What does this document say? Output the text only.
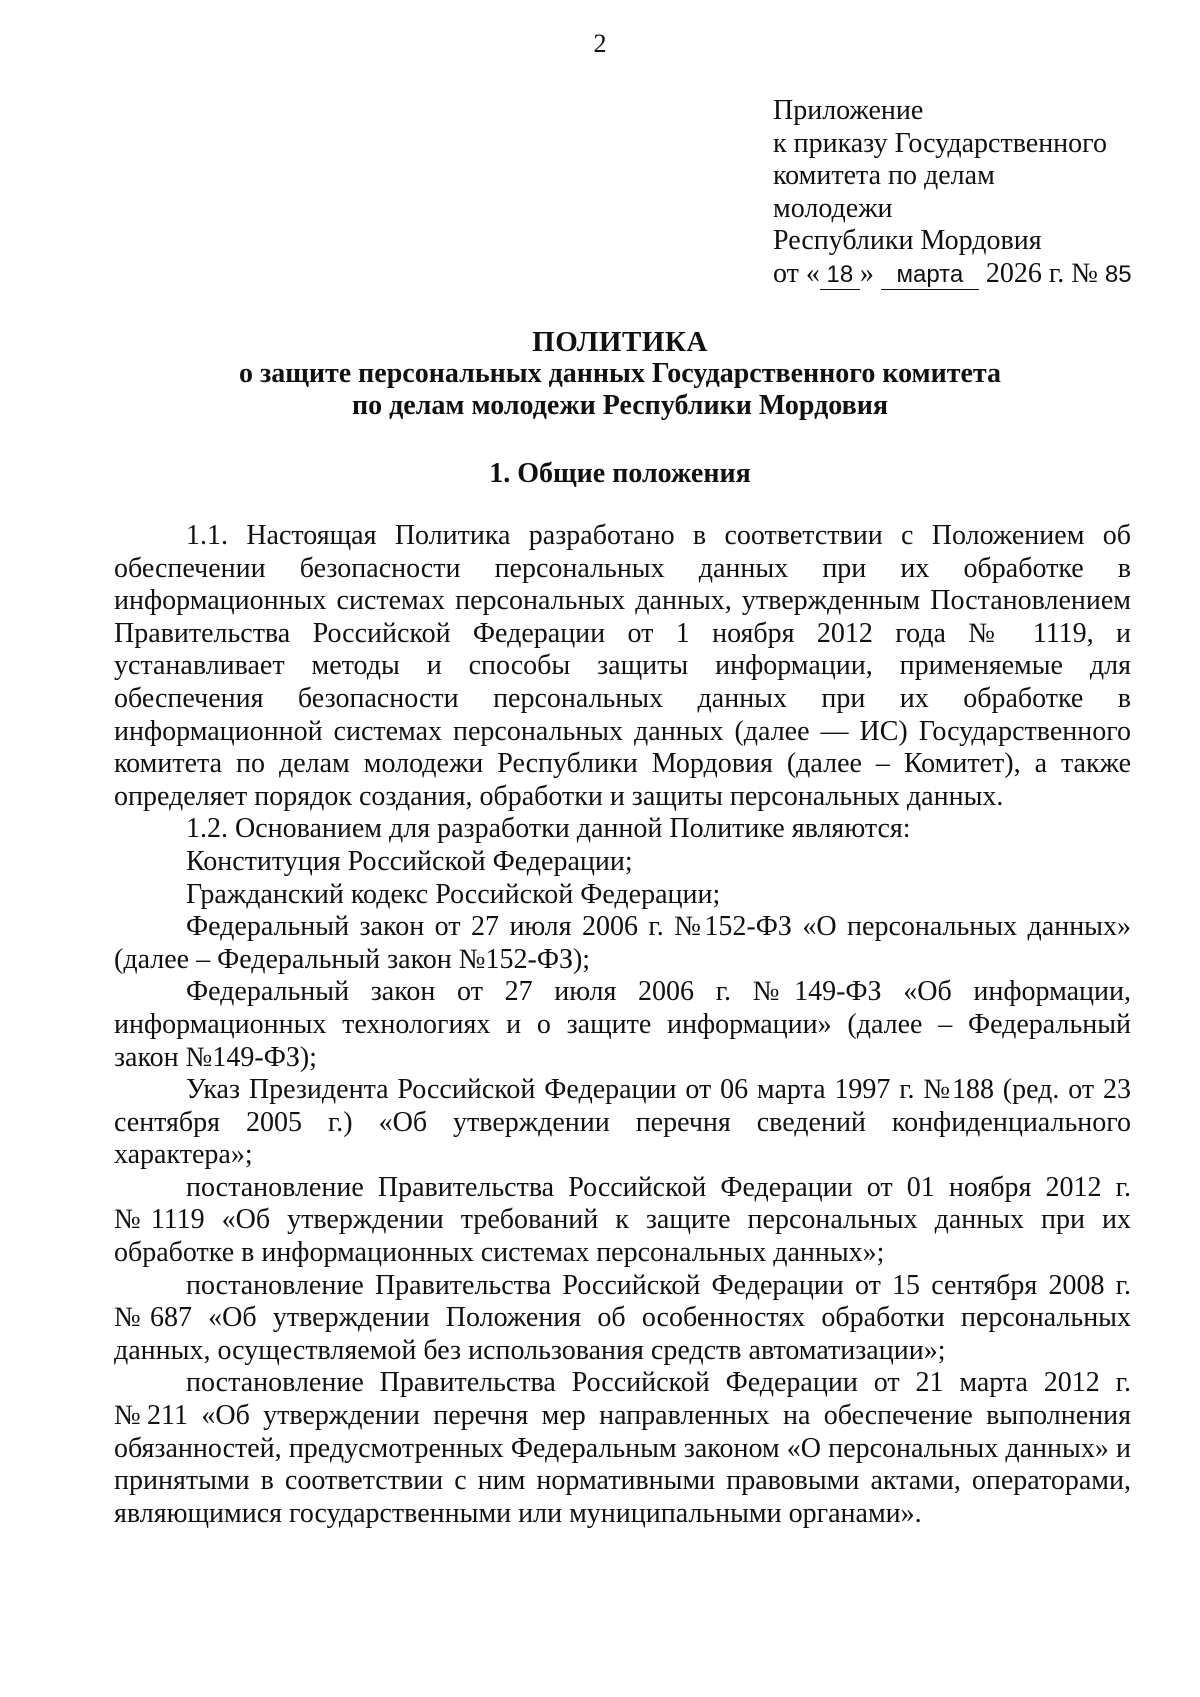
2
Приложение
к приказу Государственного
комитета по делам
молодежи
Республики Мордовия
от « 18 » марта 2026 г. № 85
ПОЛИТИКА
о защите персональных данных Государственного комитета
по делам молодежи Республики Мордовия
1. Общие положения

1.1. Настоящая Политика разработано в соответствии с Положением об обеспечении безопасности персональных данных при их обработке в информационных системах персональных данных, утвержденным Постановлением Правительства Российской Федерации от 1 ноября 2012 года № 1119, и устанавливает методы и способы защиты информации, применяемые для обеспечения безопасности персональных данных при их обработке в информационной системах персональных данных (далее — ИС) Государственного комитета по делам молодежи Республики Мордовия (далее – Комитет), а также определяет порядок создания, обработки и защиты персональных данных.

1.2. Основанием для разработки данной Политике являются:

Конституция Российской Федерации;

Гражданский кодекс Российской Федерации;

Федеральный закон от 27 июля 2006 г. №152-ФЗ «О персональных данных» (далее – Федеральный закон №152-ФЗ);

Федеральный закон от 27 июля 2006 г. №149-ФЗ «Об информации, информационных технологиях и о защите информации» (далее – Федеральный закон №149-ФЗ);

Указ Президента Российской Федерации от 06 марта 1997 г. №188 (ред. от 23 сентября 2005 г.) «Об утверждении перечня сведений конфиденциального характера»;

постановление Правительства Российской Федерации от 01 ноября 2012 г. №1119 «Об утверждении требований к защите персональных данных при их обработке в информационных системах персональных данных»;

постановление Правительства Российской Федерации от 15 сентября 2008 г. №687 «Об утверждении Положения об особенностях обработки персональных данных, осуществляемой без использования средств автоматизации»;

постановление Правительства Российской Федерации от 21 марта 2012 г. №211 «Об утверждении перечня мер направленных на обеспечение выполнения обязанностей, предусмотренных Федеральным законом «О персональных данных» и принятыми в соответствии с ним нормативными правовыми актами, операторами, являющимися государственными или муниципальными органами».
